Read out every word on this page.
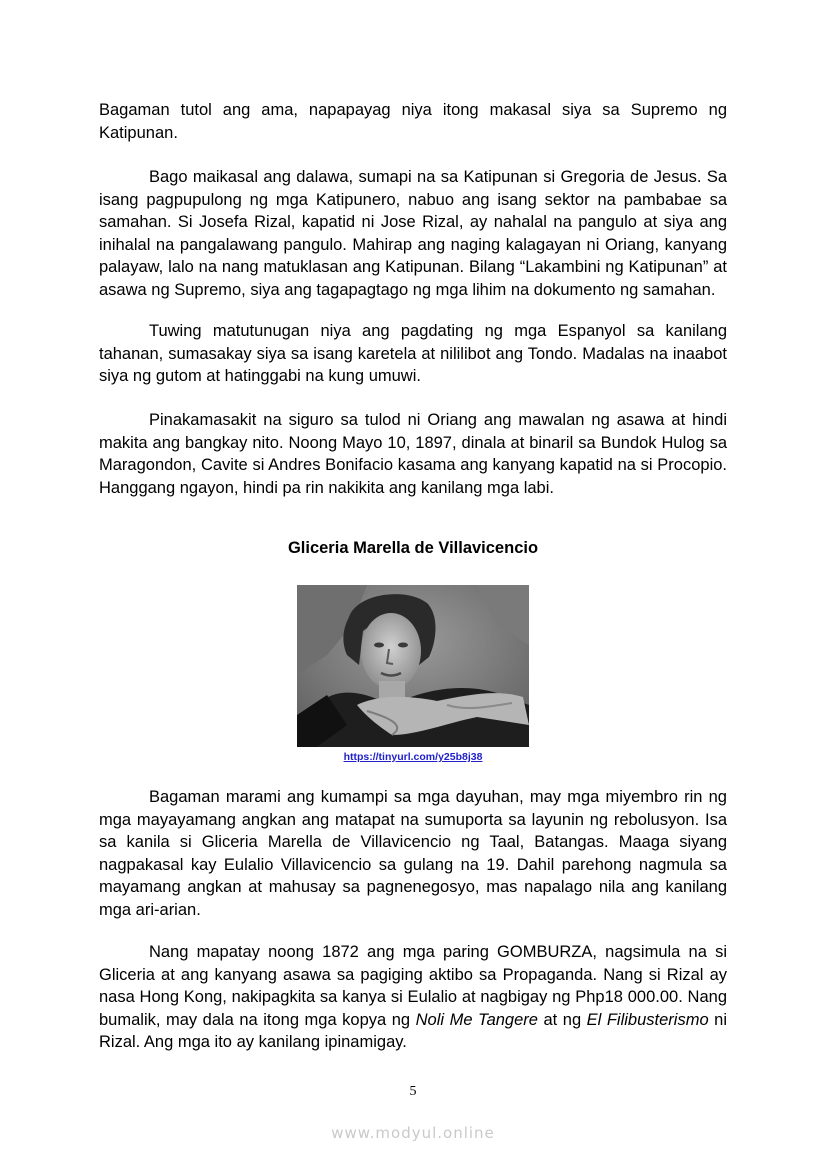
Bagaman tutol ang ama, napapayag niya itong makasal siya sa Supremo ng Katipunan.

Bago maikasal ang dalawa, sumapi na sa Katipunan si Gregoria de Jesus. Sa isang pagpupulong ng mga Katipunero, nabuo ang isang sektor na pambabae sa samahan. Si Josefa Rizal, kapatid ni Jose Rizal, ay nahalal na pangulo at siya ang inihalal na pangalawang pangulo. Mahirap ang naging kalagayan ni Oriang, kanyang palayaw, lalo na nang matuklasan ang Katipunan. Bilang “Lakambini ng Katipunan” at asawa ng Supremo, siya ang tagapagtago ng mga lihim na dokumento ng samahan.

Tuwing matutunugan niya ang pagdating ng mga Espanyol sa kanilang tahanan, sumasakay siya sa isang karetela at nililibot ang Tondo. Madalas na inaabot siya ng gutom at hatinggabi na kung umuwi.

Pinakamasakit na siguro sa tulod ni Oriang ang mawalan ng asawa at hindi makita ang bangkay nito. Noong Mayo 10, 1897, dinala at binaril sa Bundok Hulog sa Maragondon, Cavite si Andres Bonifacio kasama ang kanyang kapatid na si Procopio. Hanggang ngayon, hindi pa rin nakikita ang kanilang mga labi.

Gliceria Marella de Villavicencio

https://tinyurl.com/y25b8j38

Bagaman marami ang kumampi sa mga dayuhan, may mga miyembro rin ng mga mayayamang angkan ang matapat na sumuporta sa layunin ng rebolusyon. Isa sa kanila si Gliceria Marella de Villavicencio ng Taal, Batangas. Maaga siyang nagpakasal kay Eulalio Villavicencio sa gulang na 19. Dahil parehong nagmula sa mayamang angkan at mahusay sa pagnenegosyo, mas napalago nila ang kanilang mga ari-arian.

Nang mapatay noong 1872 ang mga paring GOMBURZA, nagsimula na si Gliceria at ang kanyang asawa sa pagiging aktibo sa Propaganda. Nang si Rizal ay nasa Hong Kong, nakipagkita sa kanya si Eulalio at nagbigay ng Php18 000.00. Nang bumalik, may dala na itong mga kopya ng Noli Me Tangere at ng El Filibusterismo ni Rizal. Ang mga ito ay kanilang ipinamigay.

5
www.modyul.online
